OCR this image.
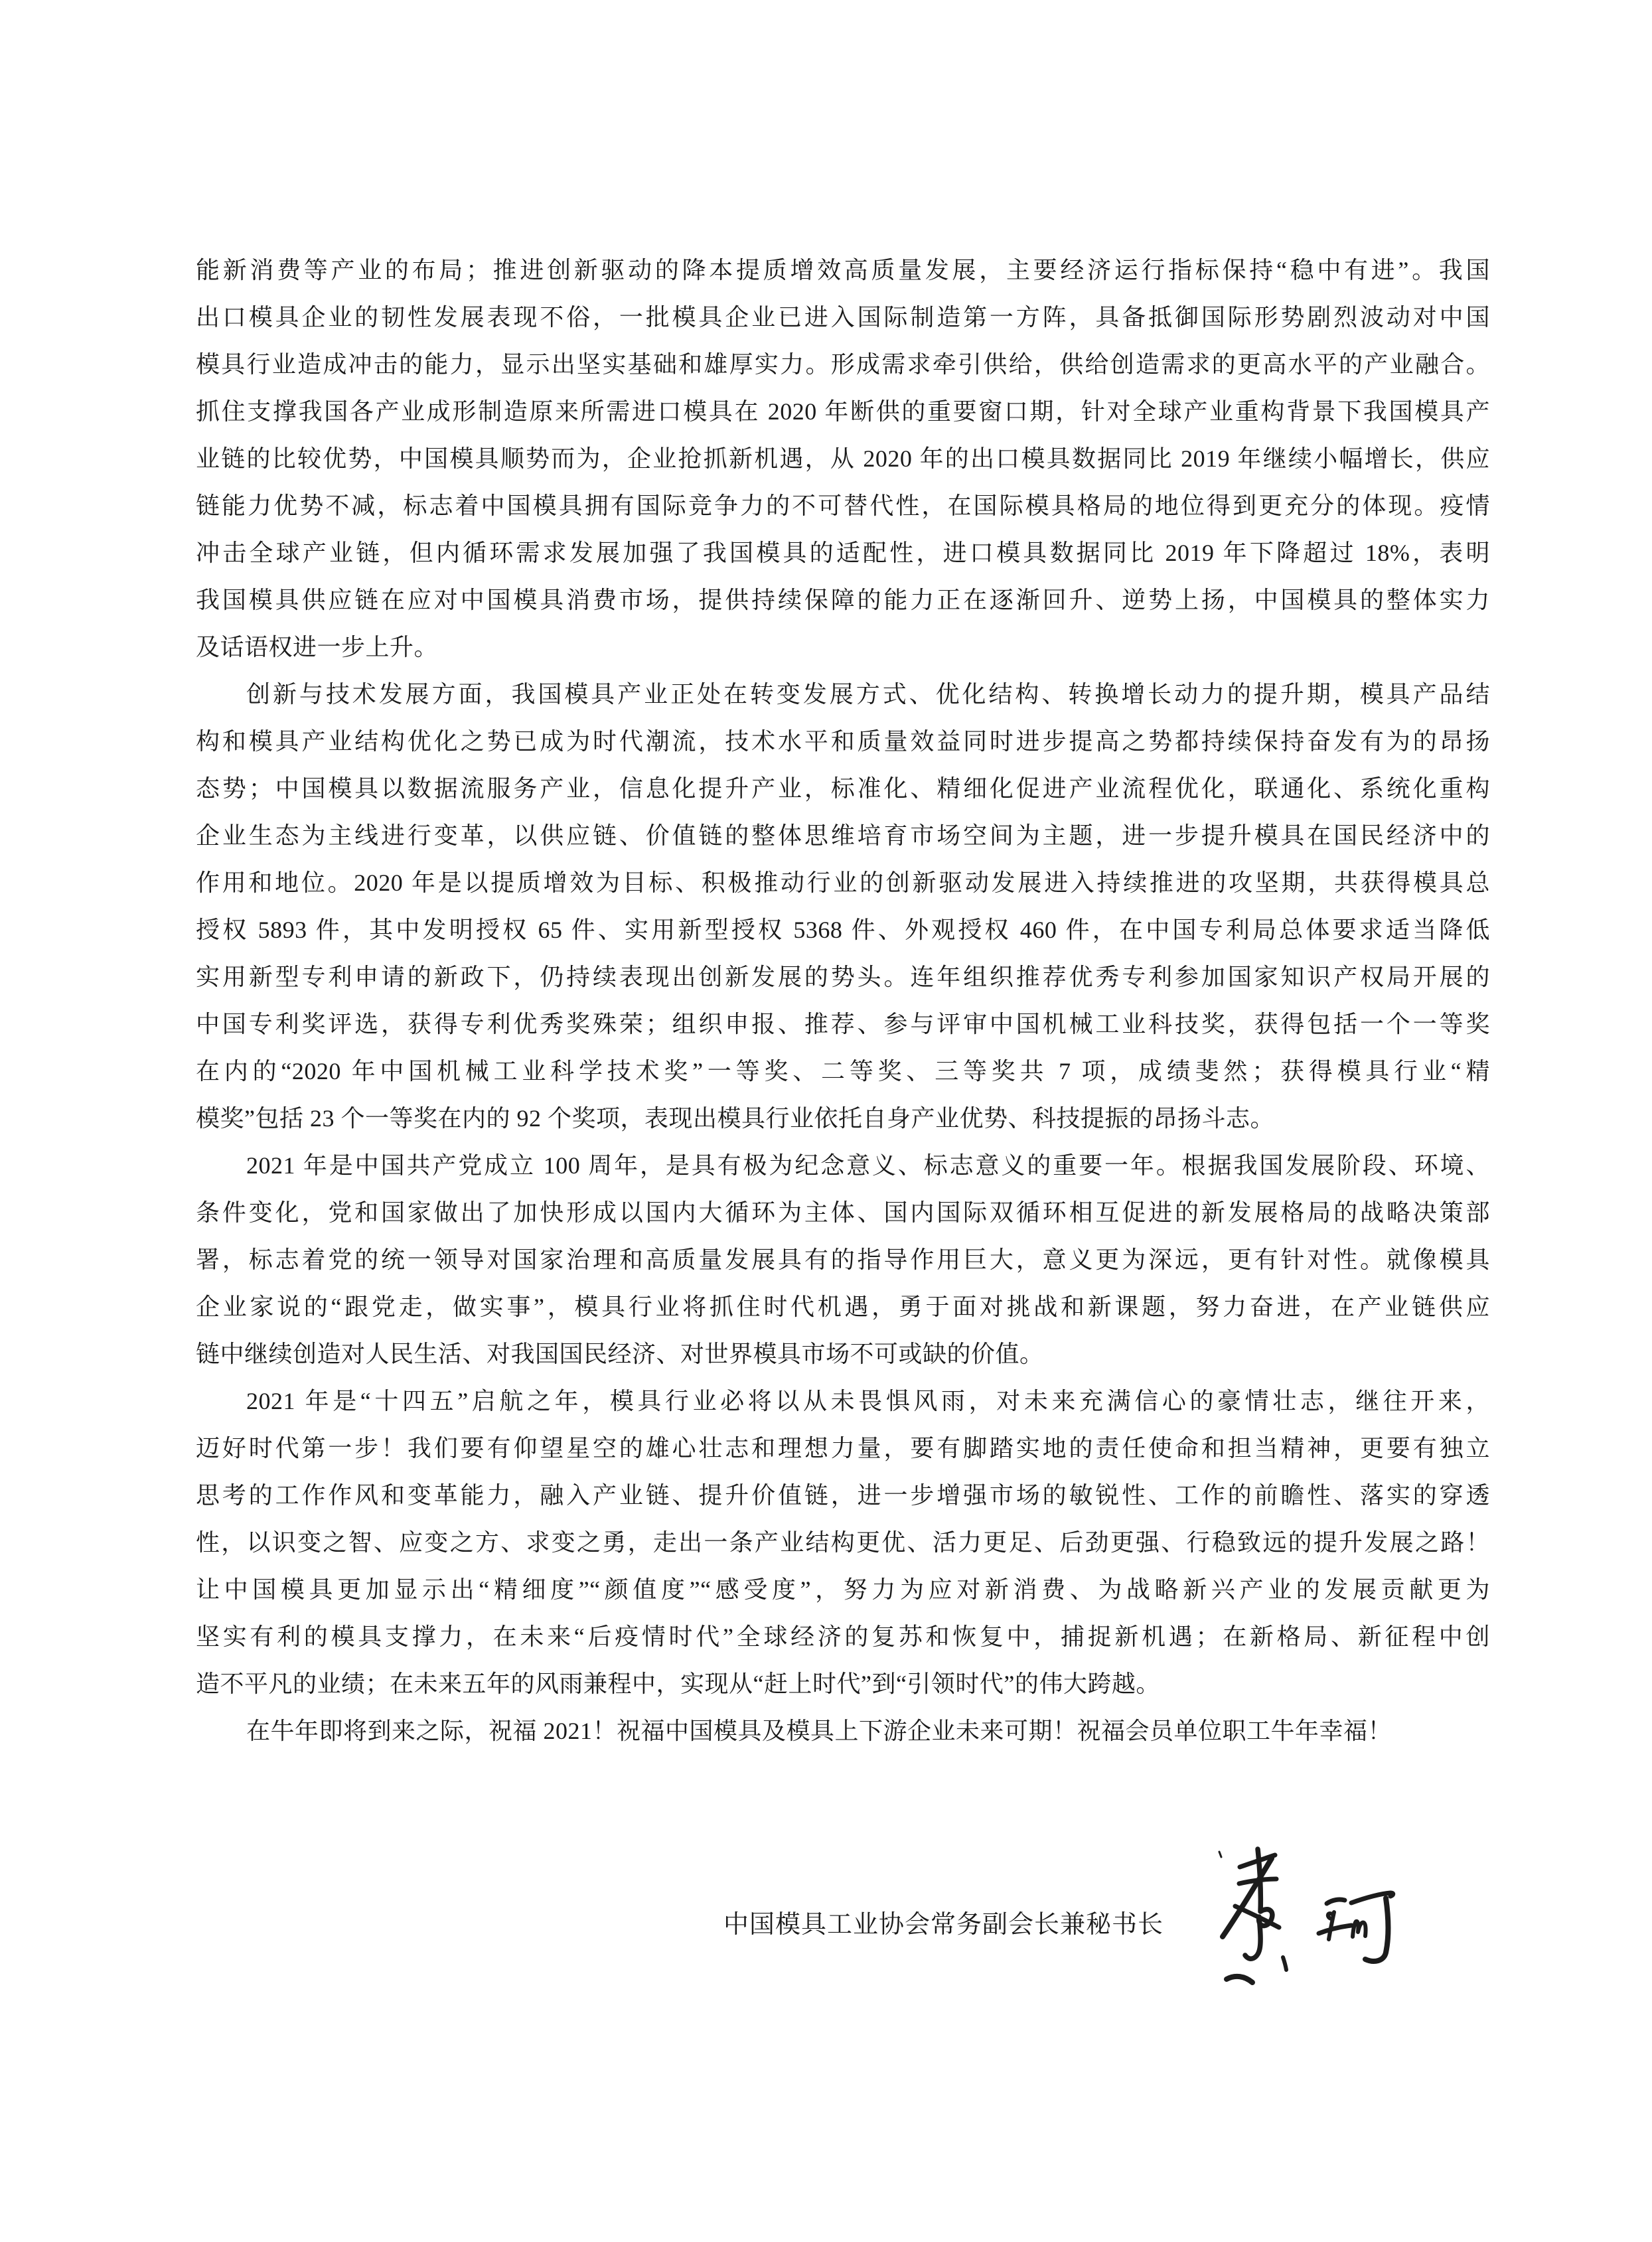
能新消费等产业的布局；推进创新驱动的降本提质增效高质量发展，主要经济运行指标保持“稳中有进”。我国
出口模具企业的韧性发展表现不俗，一批模具企业已进入国际制造第一方阵，具备抵御国际形势剧烈波动对中国
模具行业造成冲击的能力，显示出坚实基础和雄厚实力。形成需求牵引供给，供给创造需求的更高水平的产业融合。
抓住支撑我国各产业成形制造原来所需进口模具在 2020 年断供的重要窗口期，针对全球产业重构背景下我国模具产
业链的比较优势，中国模具顺势而为，企业抢抓新机遇，从 2020 年的出口模具数据同比 2019 年继续小幅增长，供应
链能力优势不减，标志着中国模具拥有国际竞争力的不可替代性，在国际模具格局的地位得到更充分的体现。疫情
冲击全球产业链，但内循环需求发展加强了我国模具的适配性，进口模具数据同比 2019 年下降超过 18%，表明
我国模具供应链在应对中国模具消费市场，提供持续保障的能力正在逐渐回升、逆势上扬，中国模具的整体实力
及话语权进一步上升。
创新与技术发展方面，我国模具产业正处在转变发展方式、优化结构、转换增长动力的提升期，模具产品结
构和模具产业结构优化之势已成为时代潮流，技术水平和质量效益同时进步提高之势都持续保持奋发有为的昂扬
态势；中国模具以数据流服务产业，信息化提升产业，标准化、精细化促进产业流程优化，联通化、系统化重构
企业生态为主线进行变革，以供应链、价值链的整体思维培育市场空间为主题，进一步提升模具在国民经济中的
作用和地位。2020 年是以提质增效为目标、积极推动行业的创新驱动发展进入持续推进的攻坚期，共获得模具总
授权 5893 件，其中发明授权 65 件、实用新型授权 5368 件、外观授权 460 件，在中国专利局总体要求适当降低
实用新型专利申请的新政下，仍持续表现出创新发展的势头。连年组织推荐优秀专利参加国家知识产权局开展的
中国专利奖评选，获得专利优秀奖殊荣；组织申报、推荐、参与评审中国机械工业科技奖，获得包括一个一等奖
在内的“2020 年中国机械工业科学技术奖”一等奖、二等奖、三等奖共 7 项，成绩斐然；获得模具行业“精
模奖”包括 23 个一等奖在内的 92 个奖项，表现出模具行业依托自身产业优势、科技提振的昂扬斗志。
2021 年是中国共产党成立 100 周年，是具有极为纪念意义、标志意义的重要一年。根据我国发展阶段、环境、
条件变化，党和国家做出了加快形成以国内大循环为主体、国内国际双循环相互促进的新发展格局的战略决策部
署，标志着党的统一领导对国家治理和高质量发展具有的指导作用巨大，意义更为深远，更有针对性。就像模具
企业家说的“跟党走，做实事”，模具行业将抓住时代机遇，勇于面对挑战和新课题，努力奋进，在产业链供应
链中继续创造对人民生活、对我国国民经济、对世界模具市场不可或缺的价值。
2021 年是“十四五”启航之年，模具行业必将以从未畏惧风雨，对未来充满信心的豪情壮志，继往开来，
迈好时代第一步！我们要有仰望星空的雄心壮志和理想力量，要有脚踏实地的责任使命和担当精神，更要有独立
思考的工作作风和变革能力，融入产业链、提升价值链，进一步增强市场的敏锐性、工作的前瞻性、落实的穿透
性，以识变之智、应变之方、求变之勇，走出一条产业结构更优、活力更足、后劲更强、行稳致远的提升发展之路！
让中国模具更加显示出“精细度”“颜值度”“感受度”，努力为应对新消费、为战略新兴产业的发展贡献更为
坚实有利的模具支撑力，在未来“后疫情时代”全球经济的复苏和恢复中，捕捉新机遇；在新格局、新征程中创
造不平凡的业绩；在未来五年的风雨兼程中，实现从“赶上时代”到“引领时代”的伟大跨越。
在牛年即将到来之际，祝福 2021！祝福中国模具及模具上下游企业未来可期！祝福会员单位职工牛年幸福！
中国模具工业协会常务副会长兼秘书长
